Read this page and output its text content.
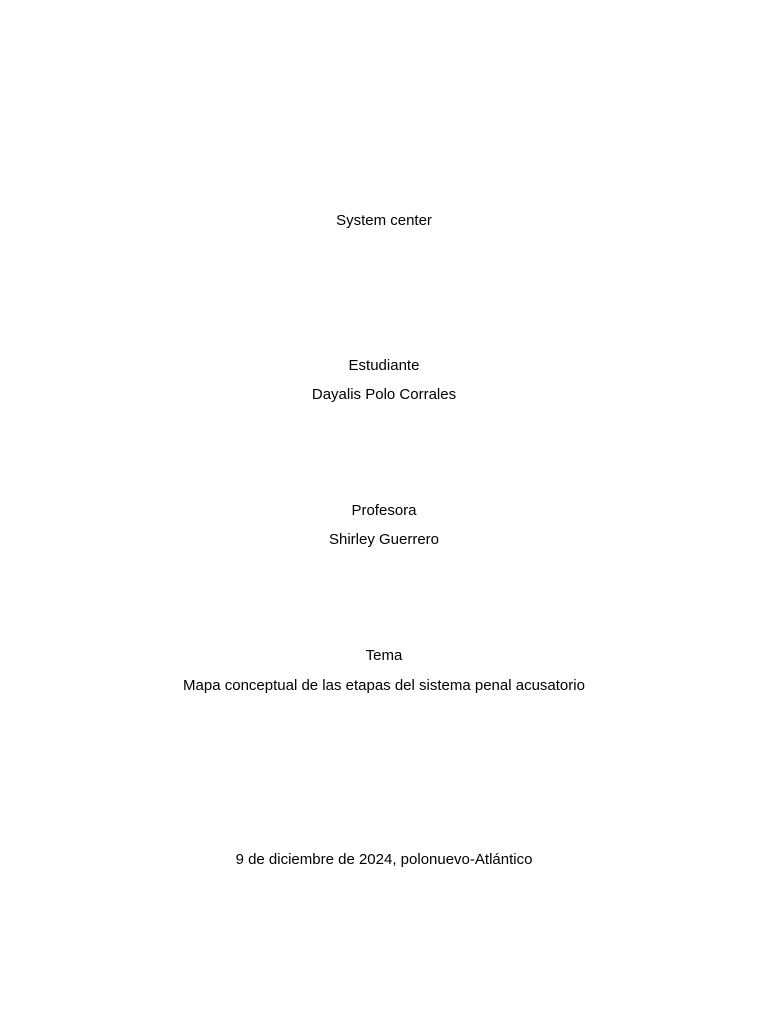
System center
Estudiante
Dayalis Polo Corrales
Profesora
Shirley Guerrero
Tema
Mapa conceptual de las etapas del sistema penal acusatorio
9 de diciembre de 2024, polonuevo-Atlántico
